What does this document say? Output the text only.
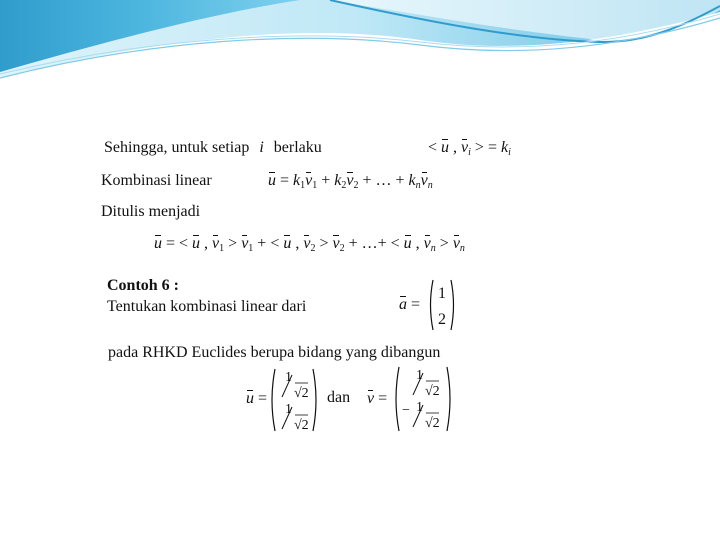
Sehingga, untuk setiap i berlaku	< u , $v_i$ > = $k_i$
Kombinasi linear	$u = k_1v_1 + k_2v_2$ + … + $k_nv_n$
Ditulis menjadi
u = < u , $v_1 > v_1$ + < u , $v_2 > v_2$ + …+ < u , $v_n > v_n$
Contoh 6 :
Tentukan kombinasi linear dari	a =
1
2
pada RHKD Euclides berupa bidang yang dibangun
u =
1
√2
1
√2
dan v =
1
√2
− 1
√2
